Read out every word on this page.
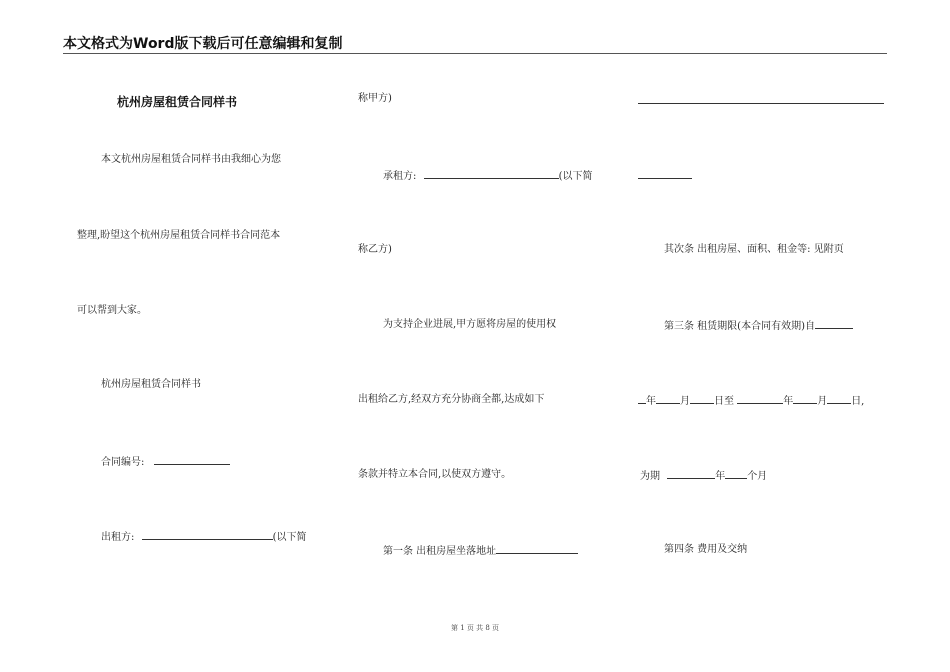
本文格式为Word版下载后可任意编辑和复制
杭州房屋租赁合同样书
本文杭州房屋租赁合同样书由我细心为您
整理,盼望这个杭州房屋租赁合同样书合同范本
可以帮到大家。
杭州房屋租赁合同样书
合同编号:
出租方:	(以下简
称甲方)
承租方:	(以下简
称乙方)
为支持企业进展,甲方愿将房屋的使用权
出租给乙方,经双方充分协商全都,达成如下
条款并特立本合同,以使双方遵守。
第一条 出租房屋坐落地址
其次条 出租房屋、面积、租金等: 见附页
第三条 租赁期限(本合同有效期)自
年 月 日至	年 月 日,
为期	年 个月
第四条 费用及交纳
第 1 页 共 8 页
